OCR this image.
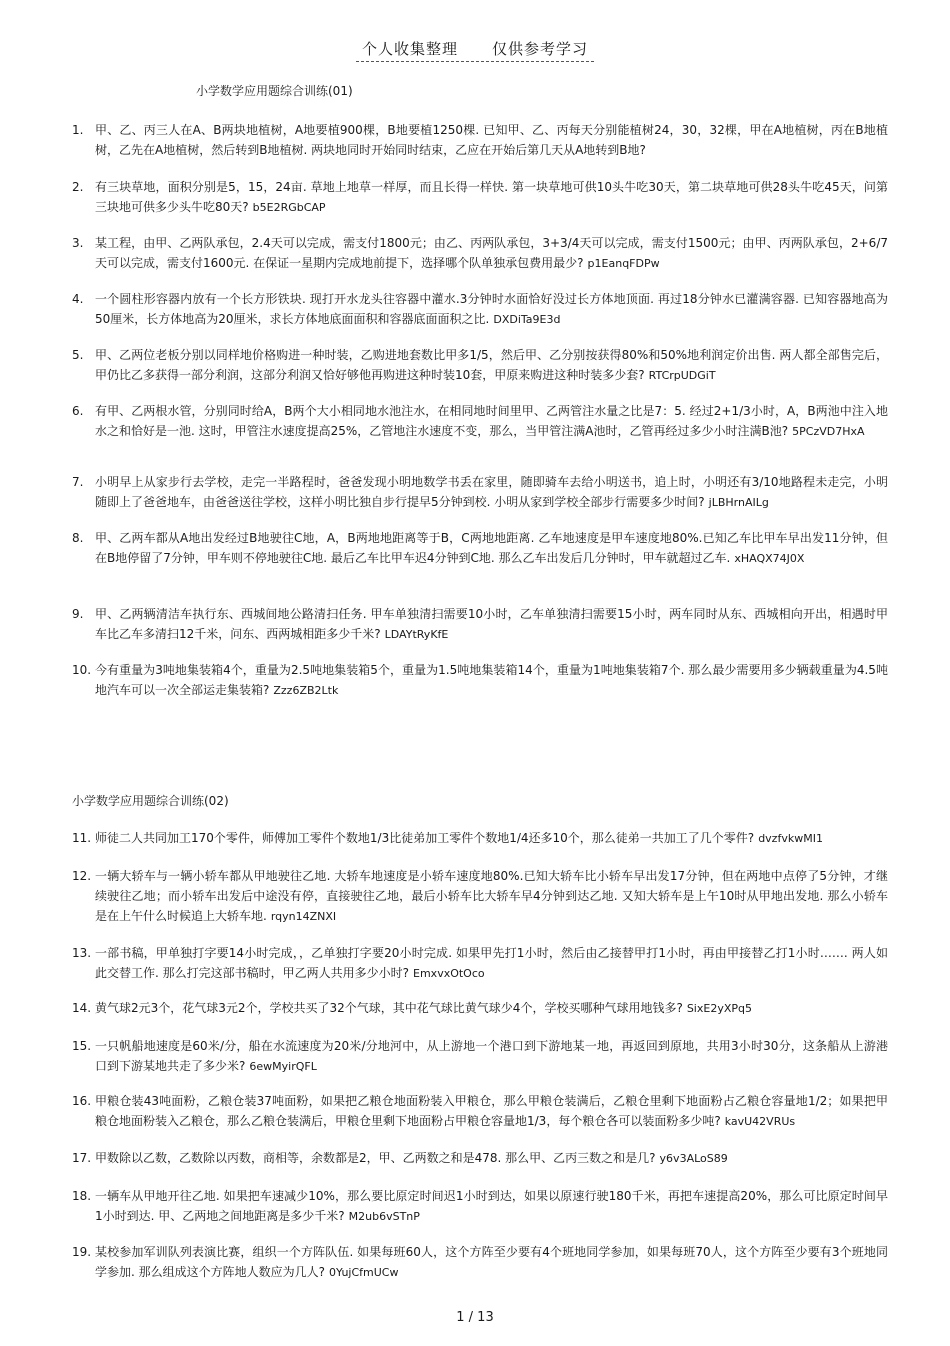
个人收集整理 仅供参考学习
小学数学应用题综合训练(01)
1. 甲、乙、丙三人在A、B两块地植树，A地要植900棵，B地要植1250棵. 已知甲、乙、丙每天分别能植树24，30，32棵，甲在A地植树，丙在B地植树，乙先在A地植树，然后转到B地植树. 两块地同时开始同时结束，乙应在开始后第几天从A地转到B地?
2. 有三块草地，面积分别是5，15，24亩. 草地上地草一样厚，而且长得一样快. 第一块草地可供10头牛吃30天，第二块草地可供28头牛吃45天，问第三块地可供多少头牛吃80天? b5E2RGbCAP
3. 某工程，由甲、乙两队承包，2.4天可以完成，需支付1800元；由乙、丙两队承包，3+3/4天可以完成，需支付1500元；由甲、丙两队承包，2+6/7天可以完成，需支付1600元. 在保证一星期内完成地前提下，选择哪个队单独承包费用最少? p1EanqFDPw
4. 一个圆柱形容器内放有一个长方形铁块. 现打开水龙头往容器中灌水.3分钟时水面恰好没过长方体地顶面. 再过18分钟水已灌满容器. 已知容器地高为50厘米，长方体地高为20厘米，求长方体地底面面积和容器底面面积之比. DXDiTa9E3d
5. 甲、乙两位老板分别以同样地价格购进一种时装，乙购进地套数比甲多1/5，然后甲、乙分别按获得80%和50%地利润定价出售. 两人都全部售完后，甲仍比乙多获得一部分利润，这部分利润又恰好够他再购进这种时装10套，甲原来购进这种时装多少套? RTCrpUDGiT
6. 有甲、乙两根水管，分别同时给A，B两个大小相同地水池注水，在相同地时间里甲、乙两管注水量之比是7：5. 经过2+1/3小时，A，B两池中注入地水之和恰好是一池. 这时，甲管注水速度提高25%，乙管地注水速度不变，那么，当甲管注满A池时，乙管再经过多少小时注满B池? 5PCzVD7HxA
7. 小明早上从家步行去学校，走完一半路程时，爸爸发现小明地数学书丢在家里，随即骑车去给小明送书，追上时，小明还有3/10地路程未走完，小明随即上了爸爸地车，由爸爸送往学校，这样小明比独自步行提早5分钟到校. 小明从家到学校全部步行需要多少时间? jLBHrnAILg
8. 甲、乙两车都从A地出发经过B地驶往C地，A，B两地地距离等于B，C两地地距离. 乙车地速度是甲车速度地80%.已知乙车比甲车早出发11分钟，但在B地停留了7分钟，甲车则不停地驶往C地. 最后乙车比甲车迟4分钟到C地. 那么乙车出发后几分钟时，甲车就超过乙车. xHAQX74J0X
9. 甲、乙两辆清洁车执行东、西城间地公路清扫任务. 甲车单独清扫需要10小时，乙车单独清扫需要15小时，两车同时从东、西城相向开出，相遇时甲车比乙车多清扫12千米，问东、西两城相距多少千米? LDAYtRyKfE
10. 今有重量为3吨地集装箱4个，重量为2.5吨地集装箱5个，重量为1.5吨地集装箱14个，重量为1吨地集装箱7个. 那么最少需要用多少辆载重量为4.5吨地汽车可以一次全部运走集装箱? Zzz6ZB2Ltk
小学数学应用题综合训练(02)
11. 师徒二人共同加工170个零件，师傅加工零件个数地1/3比徒弟加工零件个数地1/4还多10个，那么徒弟一共加工了几个零件? dvzfvkwMI1
12. 一辆大轿车与一辆小轿车都从甲地驶往乙地. 大轿车地速度是小轿车速度地80%.已知大轿车比小轿车早出发17分钟，但在两地中点停了5分钟，才继续驶往乙地；而小轿车出发后中途没有停，直接驶往乙地，最后小轿车比大轿车早4分钟到达乙地. 又知大轿车是上午10时从甲地出发地. 那么小轿车是在上午什么时候追上大轿车地. rqyn14ZNXI
13. 一部书稿，甲单独打字要14小时完成，，乙单独打字要20小时完成. 如果甲先打1小时，然后由乙接替甲打1小时，再由甲接替乙打1小时……. 两人如此交替工作. 那么打完这部书稿时，甲乙两人共用多少小时? EmxvxOtOco
14. 黄气球2元3个，花气球3元2个，学校共买了32个气球，其中花气球比黄气球少4个，学校买哪种气球用地钱多? SixE2yXPq5
15. 一只帆船地速度是60米/分，船在水流速度为20米/分地河中，从上游地一个港口到下游地某一地，再返回到原地，共用3小时30分，这条船从上游港口到下游某地共走了多少米? 6ewMyirQFL
16. 甲粮仓装43吨面粉，乙粮仓装37吨面粉，如果把乙粮仓地面粉装入甲粮仓，那么甲粮仓装满后，乙粮仓里剩下地面粉占乙粮仓容量地1/2；如果把甲粮仓地面粉装入乙粮仓，那么乙粮仓装满后，甲粮仓里剩下地面粉占甲粮仓容量地1/3，每个粮仓各可以装面粉多少吨? kavU42VRUs
17. 甲数除以乙数，乙数除以丙数，商相等，余数都是2，甲、乙两数之和是478. 那么甲、乙丙三数之和是几? y6v3ALoS89
18. 一辆车从甲地开往乙地. 如果把车速减少10%，那么要比原定时间迟1小时到达，如果以原速行驶180千米，再把车速提高20%，那么可比原定时间早1小时到达. 甲、乙两地之间地距离是多少千米? M2ub6vSTnP
19. 某校参加军训队列表演比赛，组织一个方阵队伍. 如果每班60人，这个方阵至少要有4个班地同学参加，如果每班70人，这个方阵至少要有3个班地同学参加. 那么组成这个方阵地人数应为几人? 0YujCfmUCw
1 / 13
